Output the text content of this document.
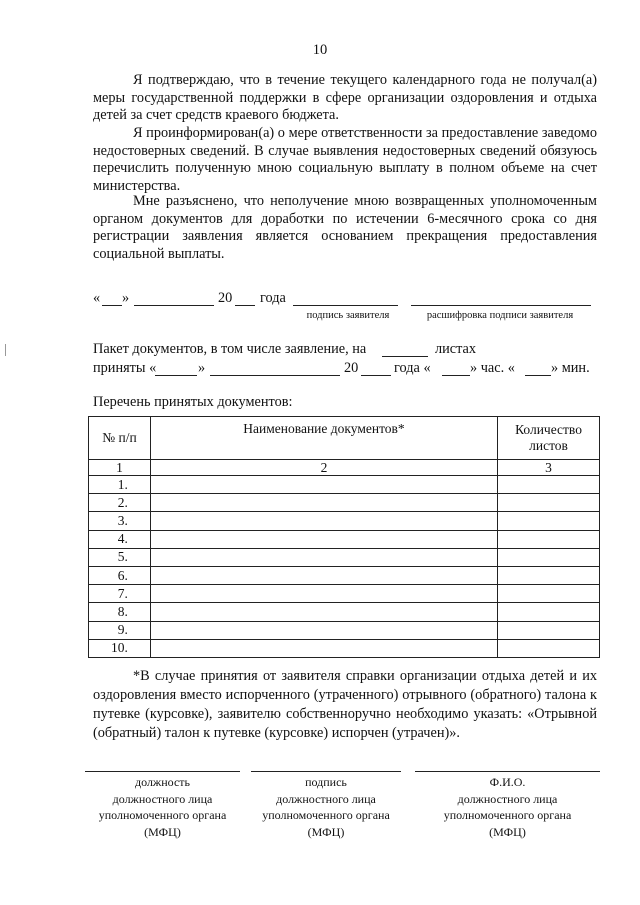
10
Я подтверждаю, что в течение текущего календарного года не получал(а) меры государственной поддержки в сфере организации оздоровления и отдыха детей за счет средств краевого бюджета.
Я проинформирован(а) о мере ответственности за предоставление заведомо недостоверных сведений. В случае выявления недостоверных сведений обязуюсь перечислить полученную мною социальную выплату в полном объеме на счет министерства.
Мне разъяснено, что неполучение мною возвращенных уполномоченным органом документов для доработки по истечении 6-месячного срока со дня регистрации заявления является основанием прекращения предоставления социальной выплаты.
« »	20 года
подпись заявителя	расшифровка подписи заявителя
Пакет документов, в том числе заявление, на	листах
приняты «	»	20 года «	» час. «	» мин.
Перечень принятых документов:
№ п/п	Наименование документов*	Количество листов
1	2	3
1.		
2.		
3.		
4.		
5.		
6.		
7.		
8.		
9.		
10.		
*В случае принятия от заявителя справки организации отдыха детей и их оздоровления вместо испорченного (утраченного) отрывного (обратного) талона к путевке (курсовке), заявителю собственноручно необходимо указать: «Отрывной (обратный) талон к путевке (курсовке) испорчен (утрачен)».
должность
должностного лица
уполномоченного органа
(МФЦ)
подпись
должностного лица
уполномоченного органа
(МФЦ)
Ф.И.О.
должностного лица
уполномоченного органа
(МФЦ)
